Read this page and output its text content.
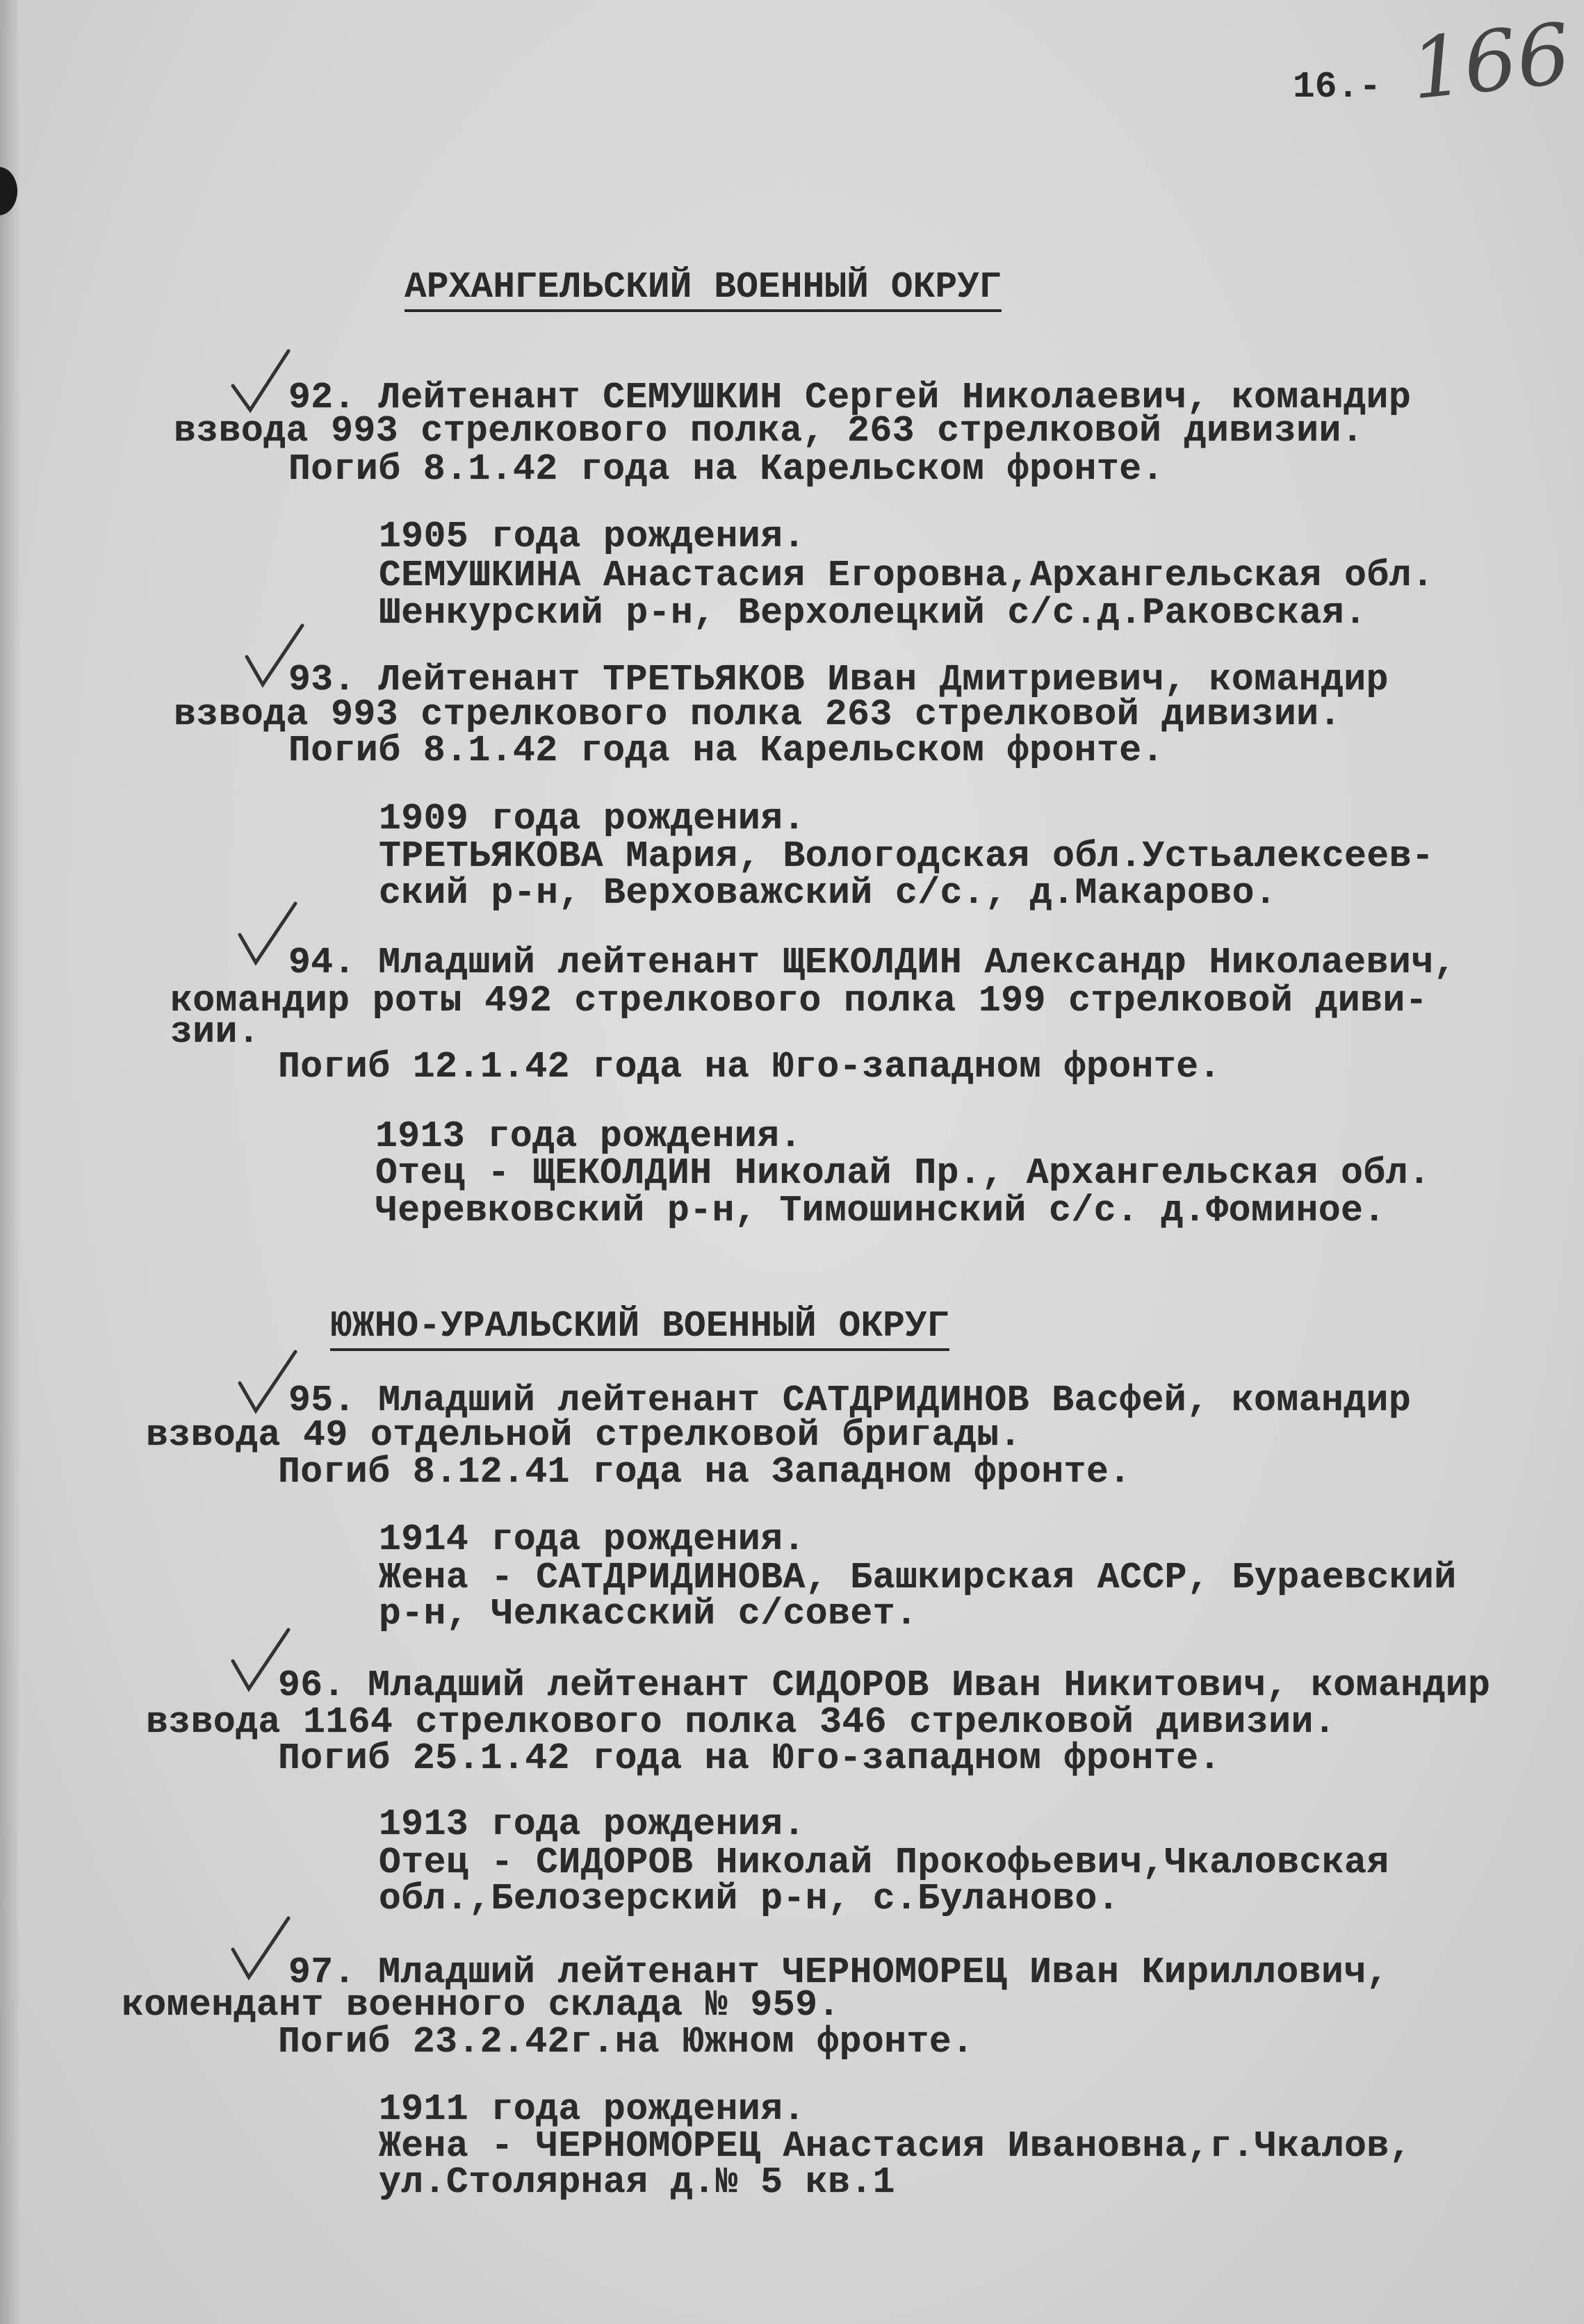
16.- 166
АРХАНГЕЛЬСКИЙ ВОЕННЫЙ ОКРУГ
92. Лейтенант СЕМУШКИН Сергей Николаевич, командир
взвода 993 стрелкового полка, 263 стрелковой дивизии.
Погиб 8.1.42 года на Карельском фронте.
1905 года рождения.
СЕМУШКИНА Анастасия Егоровна,Архангельская обл.
Шенкурский р-н, Верхолецкий с/с.д.Раковская.
93. Лейтенант ТРЕТЬЯКОВ Иван Дмитриевич, командир
взвода 993 стрелкового полка 263 стрелковой дивизии.
Погиб 8.1.42 года на Карельском фронте.
1909 года рождения.
ТРЕТЬЯКОВА Мария, Вологодская обл.Устьалексеев-
ский р-н, Верховажский с/с., д.Макарово.
94. Младший лейтенант ЩЕКОЛДИН Александр Николаевич,
командир роты 492 стрелкового полка 199 стрелковой диви-
зии.
Погиб 12.1.42 года на Юго-западном фронте.
1913 года рождения.
Отец - ЩЕКОЛДИН Николай Пр., Архангельская обл.
Черевковский р-н, Тимошинский с/с. д.Фоминое.
ЮЖНО-УРАЛЬСКИЙ ВОЕННЫЙ ОКРУГ
95. Младший лейтенант САТДРИДИНОВ Васфей, командир
взвода 49 отдельной стрелковой бригады.
Погиб 8.12.41 года на Западном фронте.
1914 года рождения.
Жена - САТДРИДИНОВА, Башкирская АССР, Бураевский
р-н, Челкасский с/совет.
96. Младший лейтенант СИДОРОВ Иван Никитович, командир
взвода 1164 стрелкового полка 346 стрелковой дивизии.
Погиб 25.1.42 года на Юго-западном фронте.
1913 года рождения.
Отец - СИДОРОВ Николай Прокофьевич,Чкаловская
обл.,Белозерский р-н, с.Буланово.
97. Младший лейтенант ЧЕРНОМОРЕЦ Иван Кириллович,
комендант военного склада № 959.
Погиб 23.2.42г.на Южном фронте.
1911 года рождения.
Жена - ЧЕРНОМОРЕЦ Анастасия Ивановна,г.Чкалов,
ул.Столярная д.№ 5 кв.1
